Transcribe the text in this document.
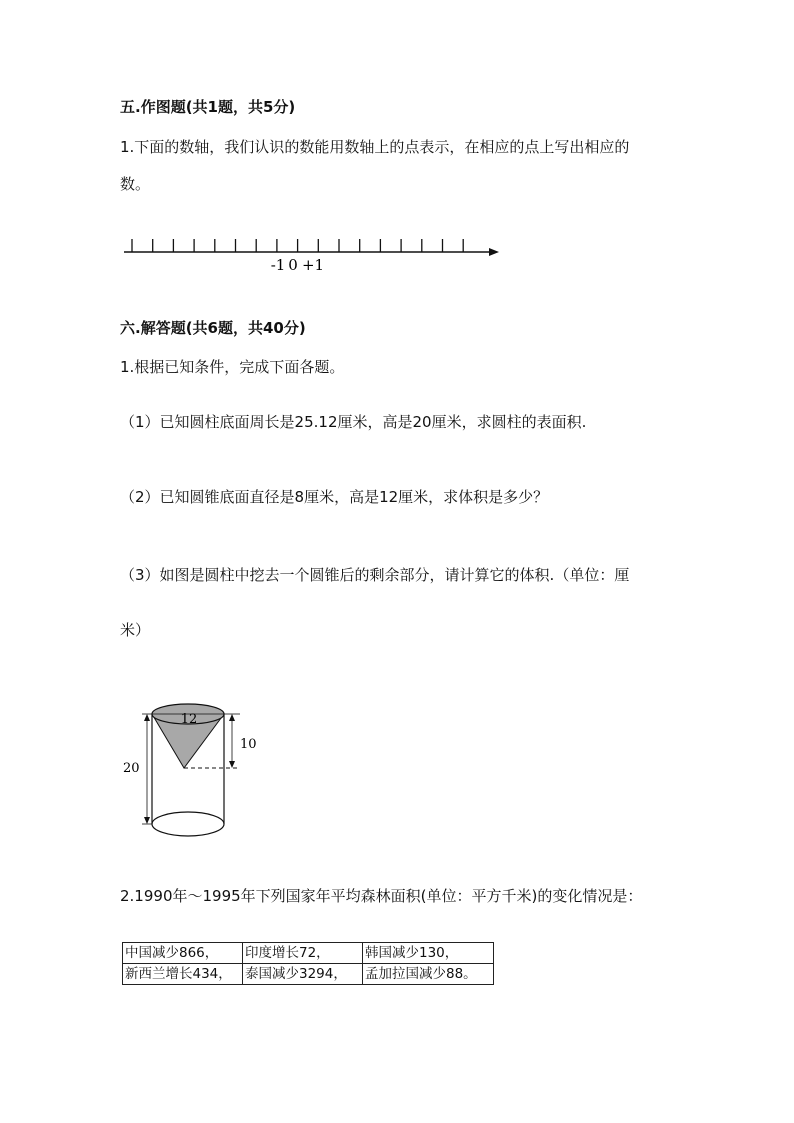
五.作图题(共1题，共5分)
1.下面的数轴，我们认识的数能用数轴上的点表示，在相应的点上写出相应的
数。
-1 0 +1
六.解答题(共6题，共40分)
1.根据已知条件，完成下面各题。
（1）已知圆柱底面周长是25.12厘米，高是20厘米，求圆柱的表面积.
（2）已知圆锥底面直径是8厘米，高是12厘米，求体积是多少？
（3）如图是圆柱中挖去一个圆锥后的剩余部分，请计算它的体积.（单位：厘
米）
12
10
20
2.1990年～1995年下列国家年平均森林面积(单位：平方千米)的变化情况是：
中国减少866，	印度增长72，	韩国减少130，
新西兰增长434，	泰国减少3294，	孟加拉国减少88。
